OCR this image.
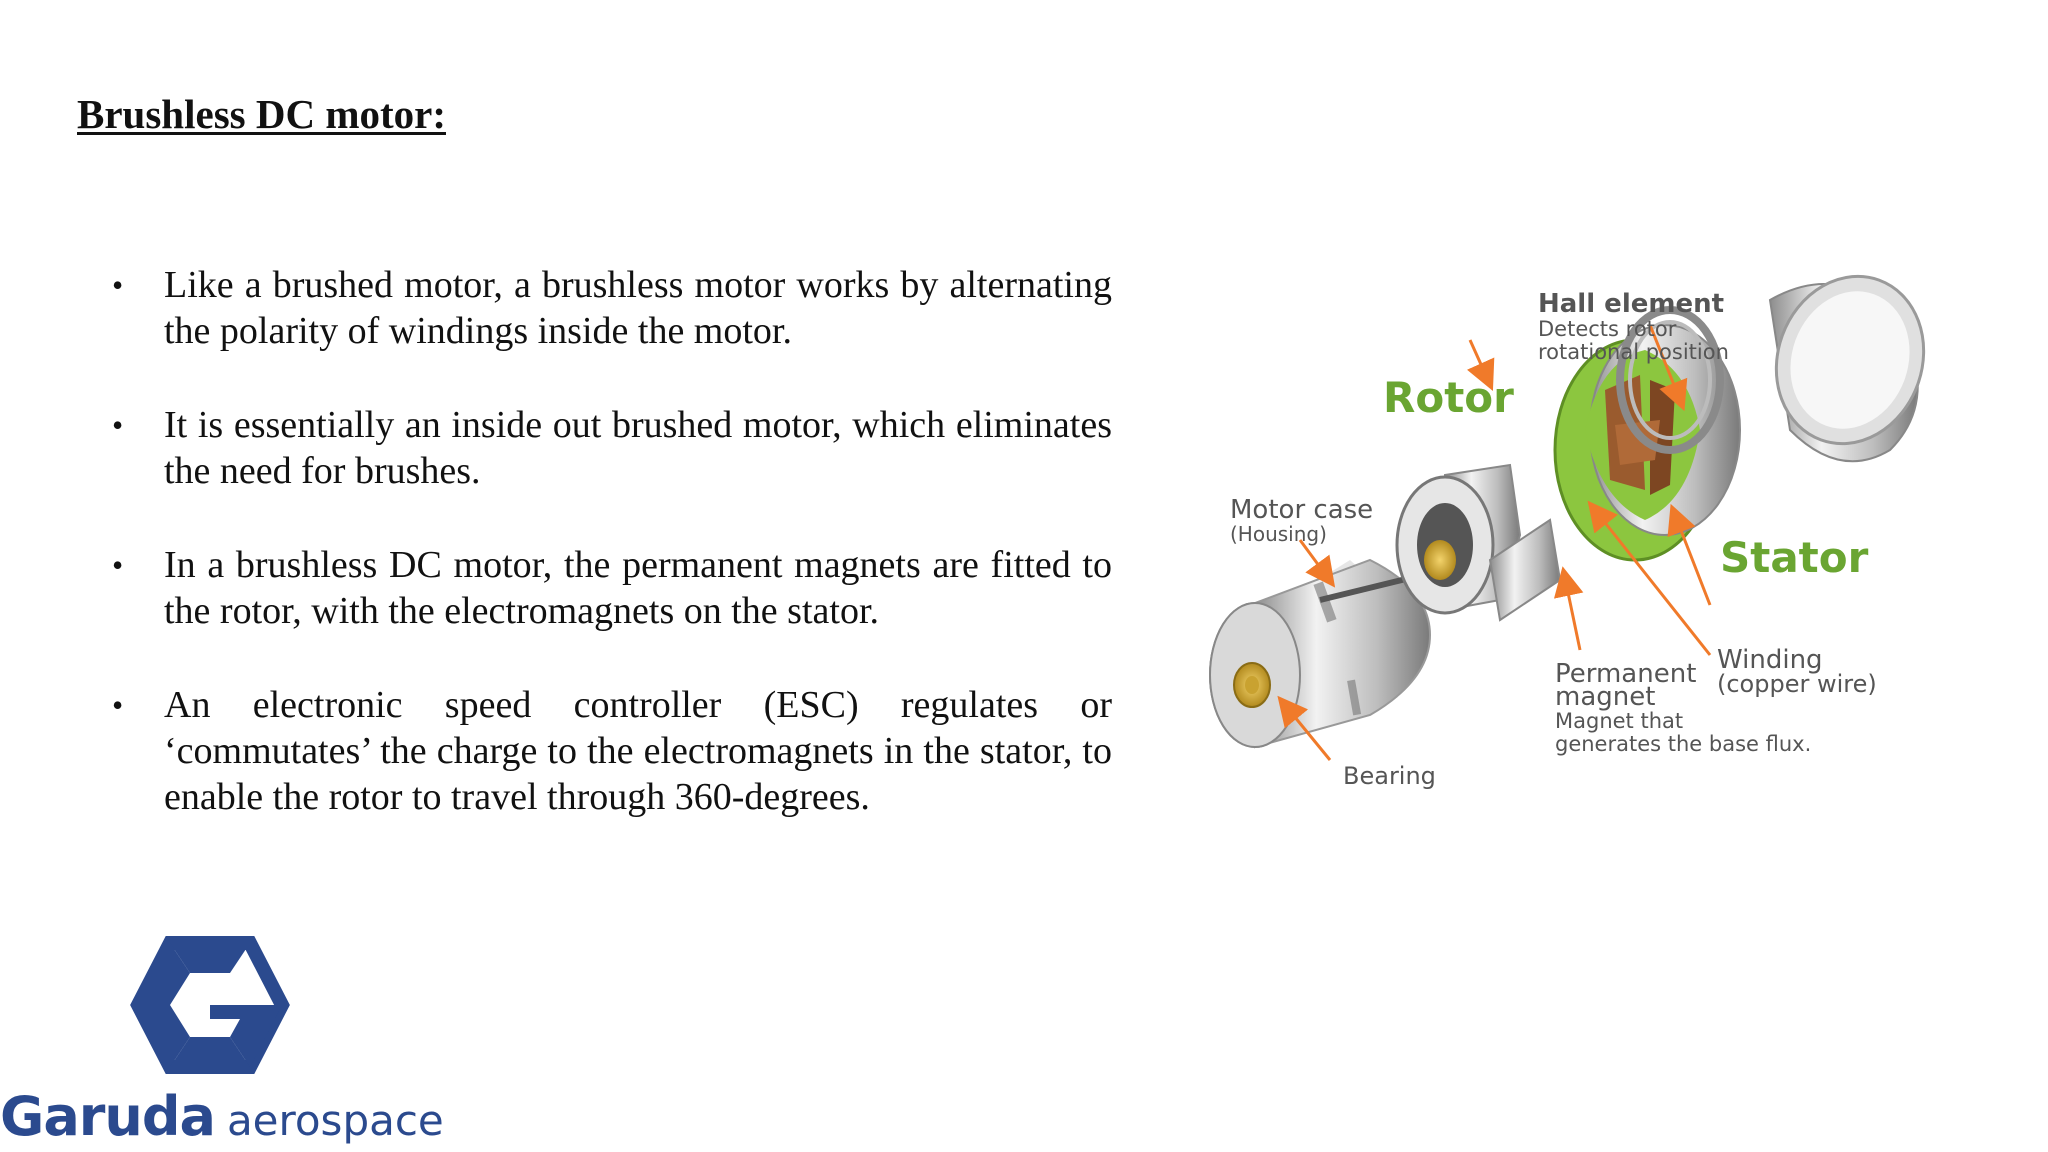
Brushless DC motor:
• Like a brushed motor, a brushless motor works by alternating the polarity of windings inside the motor.
• It is essentially an inside out brushed motor, which eliminates the need for brushes.
• In a brushless DC motor, the permanent magnets are fitted to the rotor, with the electromagnets on the stator.
• An electronic speed controller (ESC) regulates or ‘commutates’ the charge to the electromagnets in the stator, to enable the rotor to travel through 360-degrees.
Hall element
Detects rotor
rotational position
Rotor
Motor case
(Housing)	Stator
Winding
(copper wire)
Permanent
magnet
Magnet that
generates the base flux.
Bearing
Garuda aerospace
